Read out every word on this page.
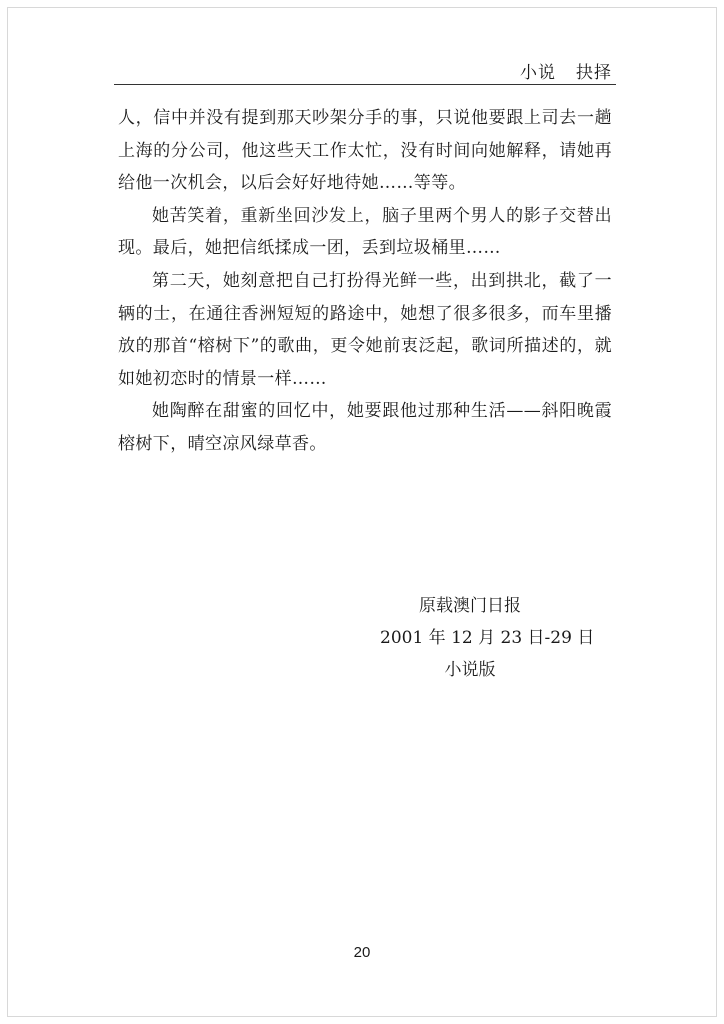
小说 抉择

人，信中并没有提到那天吵架分手的事，只说他要跟上司去一趟上海的分公司，他这些天工作太忙，没有时间向她解释，请她再给他一次机会，以后会好好地待她……等等。

她苦笑着，重新坐回沙发上，脑子里两个男人的影子交替出现。最后，她把信纸揉成一团，丢到垃圾桶里……

第二天，她刻意把自己打扮得光鲜一些，出到拱北，截了一辆的士，在通往香洲短短的路途中，她想了很多很多，而车里播放的那首“榕树下”的歌曲，更令她前衷泛起，歌词所描述的，就如她初恋时的情景一样……

她陶醉在甜蜜的回忆中，她要跟他过那种生活——斜阳晚霞榕树下，晴空凉风绿草香。

原载澳门日报
2001 年 12 月 23 日-29 日
小说版
20
